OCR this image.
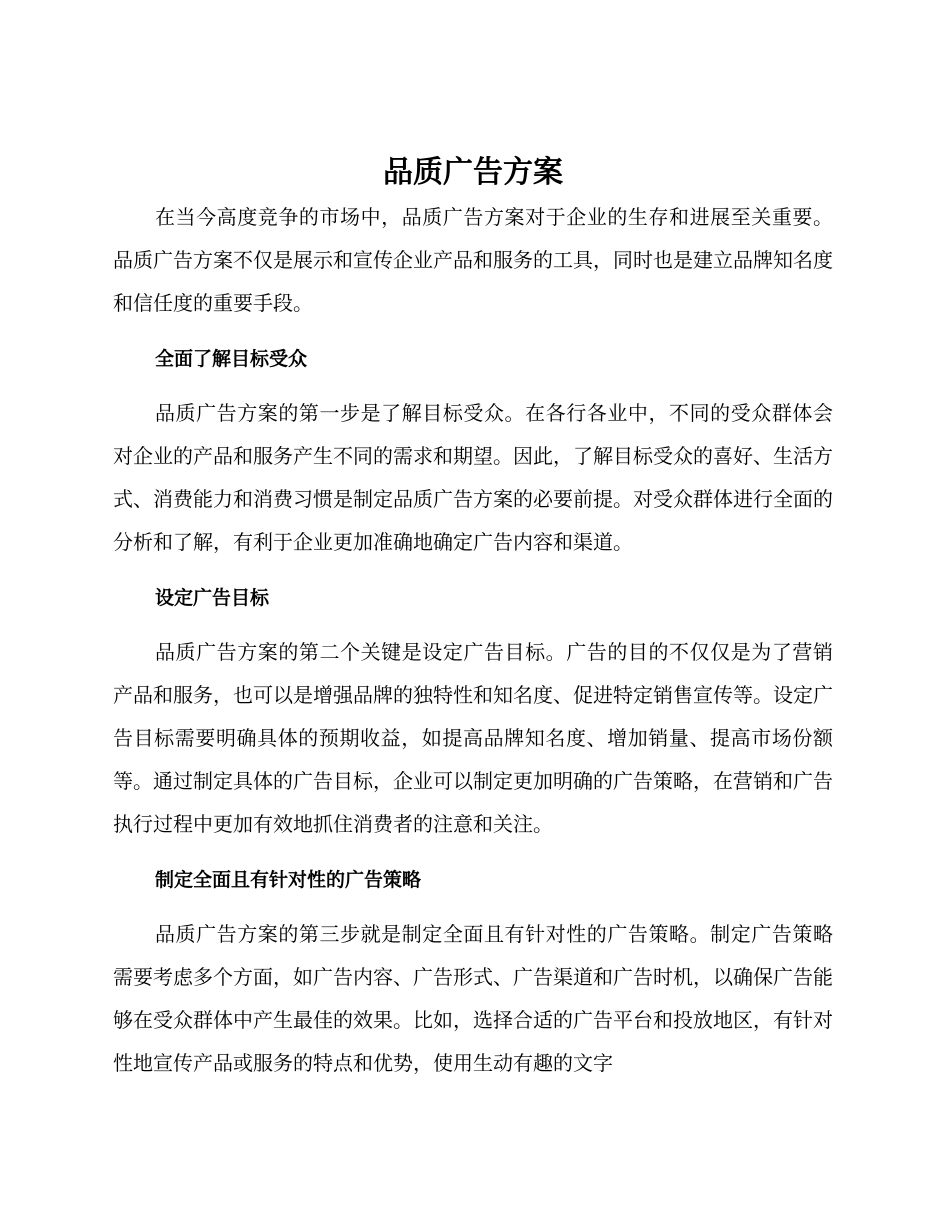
品质广告方案

在当今高度竞争的市场中，品质广告方案对于企业的生存和进展至关重要。品质广告方案不仅是展示和宣传企业产品和服务的工具，同时也是建立品牌知名度和信任度的重要手段。

全面了解目标受众

品质广告方案的第一步是了解目标受众。在各行各业中，不同的受众群体会对企业的产品和服务产生不同的需求和期望。因此，了解目标受众的喜好、生活方式、消费能力和消费习惯是制定品质广告方案的必要前提。对受众群体进行全面的分析和了解，有利于企业更加准确地确定广告内容和渠道。

设定广告目标

品质广告方案的第二个关键是设定广告目标。广告的目的不仅仅是为了营销产品和服务，也可以是增强品牌的独特性和知名度、促进特定销售宣传等。设定广告目标需要明确具体的预期收益，如提高品牌知名度、增加销量、提高市场份额等。通过制定具体的广告目标，企业可以制定更加明确的广告策略，在营销和广告执行过程中更加有效地抓住消费者的注意和关注。

制定全面且有针对性的广告策略

品质广告方案的第三步就是制定全面且有针对性的广告策略。制定广告策略需要考虑多个方面，如广告内容、广告形式、广告渠道和广告时机，以确保广告能够在受众群体中产生最佳的效果。比如，选择合适的广告平台和投放地区，有针对性地宣传产品或服务的特点和优势，使用生动有趣的文字
